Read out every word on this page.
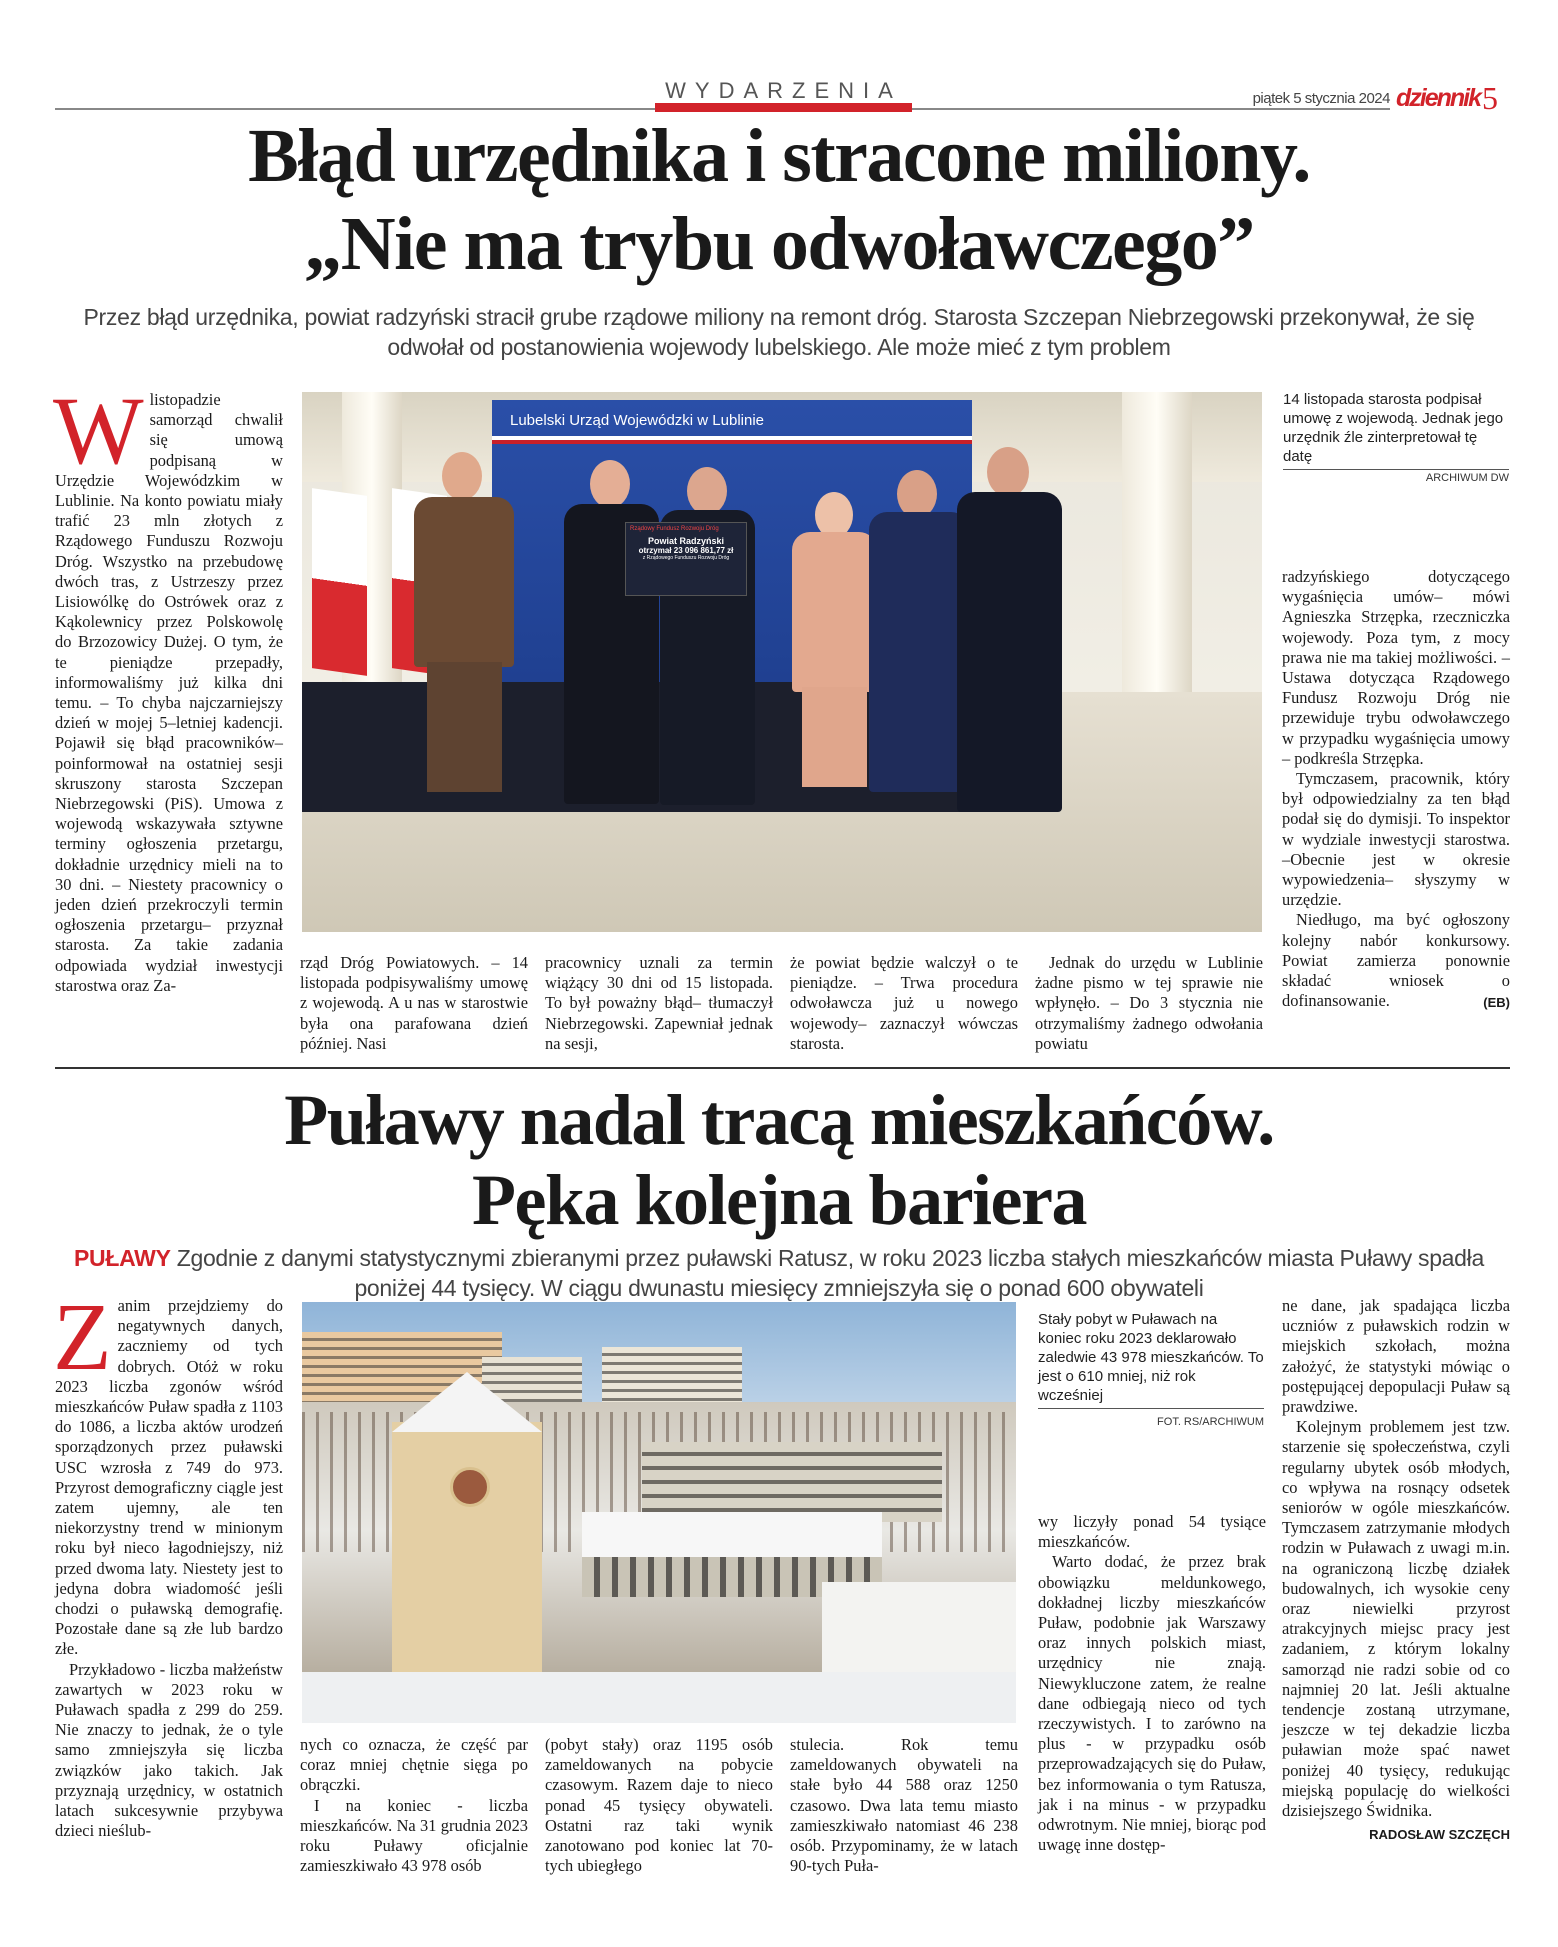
WYDARZENIA	piątek 5 stycznia 2024 dziennik 5
Błąd urzędnika i stracone miliony.
„Nie ma trybu odwoławczego”
Przez błąd urzędnika, powiat radzyński stracił grube rządowe miliony na remont dróg. Starosta Szczepan Niebrzegowski przekonywał, że się odwołał od postanowienia wojewody lubelskiego. Ale może mieć z tym problem
W listopadzie samorząd chwalił się umową podpisaną w Urzędzie Wojewódzkim w Lublinie. Na konto powiatu miały trafić 23 mln złotych z Rządowego Funduszu Rozwoju Dróg. Wszystko na przebudowę dwóch tras, z Ustrzeszy przez Lisiowólkę do Ostrówek oraz z Kąkolewnicy przez Polskowolę do Brzozowicy Dużej. O tym, że te pieniądze przepadły, informowaliśmy już kilka dni temu. – To chyba najczarniejszy dzień w mojej 5–letniej kadencji. Pojawił się błąd pracowników– poinformował na ostatniej sesji skruszony starosta Szczepan Niebrzegowski (PiS). Umowa z wojewodą wskazywała sztywne terminy ogłoszenia przetargu, dokładnie urzędnicy mieli na to 30 dni. – Niestety pracownicy o jeden dzień przekroczyli termin ogłoszenia przetargu– przyznał starosta. Za takie zadania odpowiada wydział inwestycji starostwa oraz Za-

Lubelski Urząd Wojewódzki w Lublinie
Rządowy Fundusz Rozwoju Dróg
Powiat Radzyński
otrzymał 23 096 861,77 zł
z Rządowego Funduszu Rozwoju Dróg
14 listopada starosta podpisał umowę z wojewodą. Jednak jego urzędnik źle zinterpretował tę datę
ARCHIWUM DW

rząd Dróg Powiatowych. – 14 listopada podpisywaliśmy umowę z wojewodą. A u nas w starostwie była ona parafowana dzień później. Nasi

pracownicy uznali za termin wiążący 30 dni od 15 listopada. To był poważny błąd– tłumaczył Niebrzegowski. Zapewniał jednak na sesji,

że powiat będzie walczył o te pieniądze. – Trwa procedura odwoławcza już u nowego wojewody– zaznaczył wówczas starosta.

Jednak do urzędu w Lublinie żadne pismo w tej sprawie nie wpłynęło. – Do 3 stycznia nie otrzymaliśmy żadnego odwołania powiatu

radzyńskiego dotyczącego wygaśnięcia umów– mówi Agnieszka Strzępka, rzeczniczka wojewody. Poza tym, z mocy prawa nie ma takiej możliwości. – Ustawa dotycząca Rządowego Fundusz Rozwoju Dróg nie przewiduje trybu odwoławczego w przypadku wygaśnięcia umowy – podkreśla Strzępka.

Tymczasem, pracownik, który był odpowiedzialny za ten błąd podał się do dymisji. To inspektor w wydziale inwestycji starostwa. –Obecnie jest w okresie wypowiedzenia– słyszymy w urzędzie.

Niedługo, ma być ogłoszony kolejny nabór konkursowy. Powiat zamierza ponownie składać wniosek o dofinansowanie.	(EB)
Puławy nadal tracą mieszkańców.
Pęka kolejna bariera
PUŁAWY Zgodnie z danymi statystycznymi zbieranymi przez puławski Ratusz, w roku 2023 liczba stałych mieszkańców miasta Puławy spadła poniżej 44 tysięcy. W ciągu dwunastu miesięcy zmniejszyła się o ponad 600 obywateli
Z anim przejdziemy do negatywnych danych, zaczniemy od tych dobrych. Otóż w roku 2023 liczba zgonów wśród mieszkańców Puław spadła z 1103 do 1086, a liczba aktów urodzeń sporządzonych przez puławski USC wzrosła z 749 do 973. Przyrost demograficzny ciągle jest zatem ujemny, ale ten niekorzystny trend w minionym roku był nieco łagodniejszy, niż przed dwoma laty. Niestety jest to jedyna dobra wiadomość jeśli chodzi o puławską demografię. Pozostałe dane są złe lub bardzo złe.

Przykładowo - liczba małżeństw zawartych w 2023 roku w Puławach spadła z 299 do 259. Nie znaczy to jednak, że o tyle samo zmniejszyła się liczba związków jako takich. Jak przyznają urzędnicy, w ostatnich latach sukcesywnie przybywa dzieci nieślub-

Stały pobyt w Puławach na koniec roku 2023 deklarowało zaledwie 43 978 mieszkańców. To jest o 610 mniej, niż rok wcześniej
FOT. RS/ARCHIWUM

nych co oznacza, że część par coraz mniej chętnie sięga po obrączki.

I na koniec - liczba mieszkańców. Na 31 grudnia 2023 roku Puławy oficjalnie zamieszkiwało 43 978 osób

(pobyt stały) oraz 1195 osób zameldowanych na pobycie czasowym. Razem daje to nieco ponad 45 tysięcy obywateli. Ostatni raz taki wynik zanotowano pod koniec lat 70-tych ubiegłego

stulecia. Rok temu zameldowanych obywateli na stałe było 44 588 oraz 1250 czasowo. Dwa lata temu miasto zamieszkiwało natomiast 46 238 osób. Przypominamy, że w latach 90-tych Puła-

wy liczyły ponad 54 tysiące mieszkańców.

Warto dodać, że przez brak obowiązku meldunkowego, dokładnej liczby mieszkańców Puław, podobnie jak Warszawy oraz innych polskich miast, urzędnicy nie znają. Niewykluczone zatem, że realne dane odbiegają nieco od tych rzeczywistych. I to zarówno na plus - w przypadku osób przeprowadzających się do Puław, bez informowania o tym Ratusza, jak i na minus - w przypadku odwrotnym. Nie mniej, biorąc pod uwagę inne dostęp-

ne dane, jak spadająca liczba uczniów z puławskich rodzin w miejskich szkołach, można założyć, że statystyki mówiąc o postępującej depopulacji Puław są prawdziwe.

Kolejnym problemem jest tzw. starzenie się społeczeństwa, czyli regularny ubytek osób młodych, co wpływa na rosnący odsetek seniorów w ogóle mieszkańców. Tymczasem zatrzymanie młodych rodzin w Puławach z uwagi m.in. na ograniczoną liczbę działek budowalnych, ich wysokie ceny oraz niewielki przyrost atrakcyjnych miejsc pracy jest zadaniem, z którym lokalny samorząd nie radzi sobie od co najmniej 20 lat. Jeśli aktualne tendencje zostaną utrzymane, jeszcze w tej dekadzie liczba puławian może spać nawet poniżej 40 tysięcy, redukując miejską populację do wielkości dzisiejszego Świdnika.

RADOSŁAW SZCZĘCH
